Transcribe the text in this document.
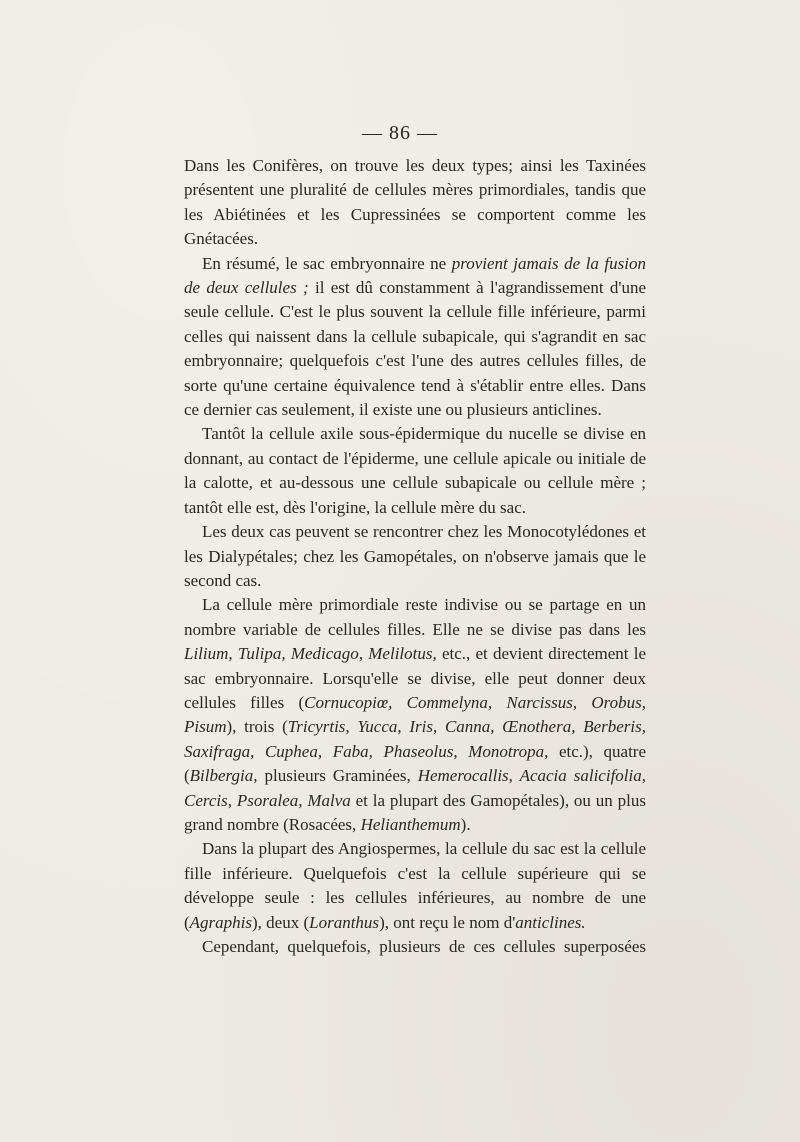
— 86 —

Dans les Conifères, on trouve les deux types; ainsi les Taxinées présentent une pluralité de cellules mères primordiales, tandis que les Abiétinées et les Cupressinées se comportent comme les Gnétacées.

En résumé, le sac embryonnaire ne provient jamais de la fusion de deux cellules ; il est dû constamment à l'agrandissement d'une seule cellule. C'est le plus souvent la cellule fille inférieure, parmi celles qui naissent dans la cellule subapicale, qui s'agrandit en sac embryonnaire; quelquefois c'est l'une des autres cellules filles, de sorte qu'une certaine équivalence tend à s'établir entre elles. Dans ce dernier cas seulement, il existe une ou plusieurs anticlines.

Tantôt la cellule axile sous-épidermique du nucelle se divise en donnant, au contact de l'épiderme, une cellule apicale ou initiale de la calotte, et au-dessous une cellule subapicale ou cellule mère ; tantôt elle est, dès l'origine, la cellule mère du sac.

Les deux cas peuvent se rencontrer chez les Monocotylédones et les Dialypétales; chez les Gamopétales, on n'observe jamais que le second cas.

La cellule mère primordiale reste indivise ou se partage en un nombre variable de cellules filles. Elle ne se divise pas dans les Lilium, Tulipa, Medicago, Melilotus, etc., et devient directement le sac embryonnaire. Lorsqu'elle se divise, elle peut donner deux cellules filles (Cornucopiœ, Commelyna, Narcissus, Orobus, Pisum), trois (Tricyrtis, Yucca, Iris, Canna, Œnothera, Berberis, Saxifraga, Cuphea, Faba, Phaseolus, Monotropa, etc.), quatre (Bilbergia, plusieurs Graminées, Hemerocallis, Acacia salicifolia, Cercis, Psoralea, Malva et la plupart des Gamopétales), ou un plus grand nombre (Rosacées, Helianthemum).

Dans la plupart des Angiospermes, la cellule du sac est la cellule fille inférieure. Quelquefois c'est la cellule supérieure qui se développe seule : les cellules inférieures, au nombre de une (Agraphis), deux (Loranthus), ont reçu le nom d'anticlines.

Cependant, quelquefois, plusieurs de ces cellules superposées
